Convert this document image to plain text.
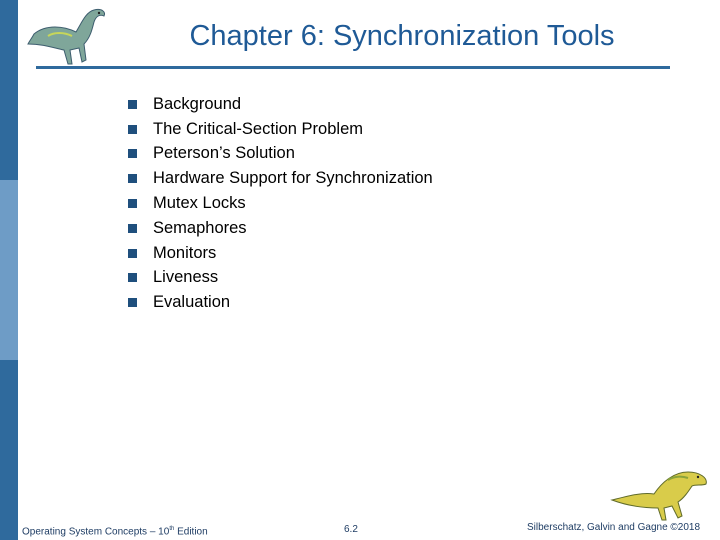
Chapter 6: Synchronization Tools
Background
The Critical-Section Problem
Peterson’s Solution
Hardware Support for Synchronization
Mutex Locks
Semaphores
Monitors
Liveness
Evaluation
Operating System Concepts – 10th Edition	6.2	Silberschatz, Galvin and Gagne ©2018
